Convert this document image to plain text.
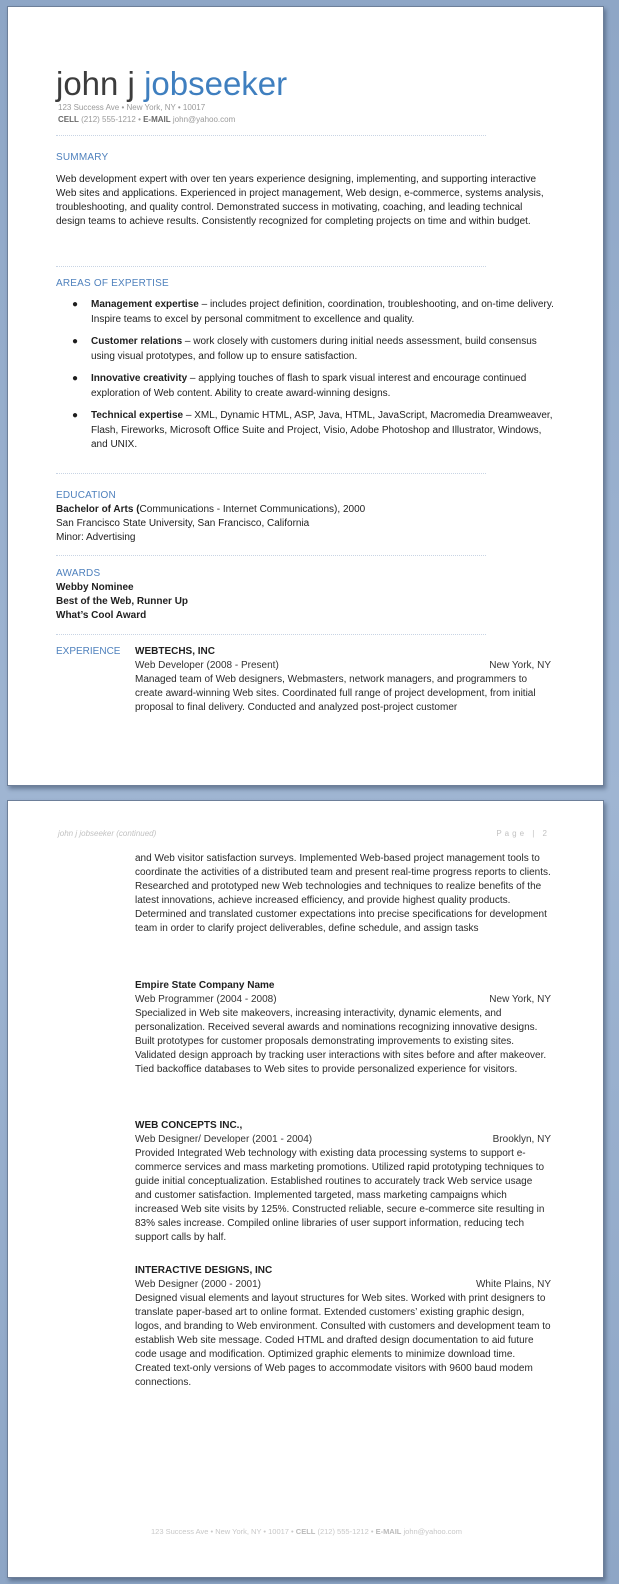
john j jobseeker
123 Success Ave • New York, NY • 10017
CELL (212) 555-1212 • E-MAIL john@yahoo.com
SUMMARY
Web development expert with over ten years experience designing, implementing, and supporting interactive Web sites and applications. Experienced in project management, Web design, e-commerce, systems analysis, troubleshooting, and quality control. Demonstrated success in motivating, coaching, and leading technical design teams to achieve results. Consistently recognized for completing projects on time and within budget.
AREAS OF EXPERTISE
● Management expertise – includes project definition, coordination, troubleshooting, and on-time delivery. Inspire teams to excel by personal commitment to excellence and quality.
● Customer relations – work closely with customers during initial needs assessment, build consensus using visual prototypes, and follow up to ensure satisfaction.
● Innovative creativity – applying touches of flash to spark visual interest and encourage continued exploration of Web content. Ability to create award-winning designs.
● Technical expertise – XML, Dynamic HTML, ASP, Java, HTML, JavaScript, Macromedia Dreamweaver, Flash, Fireworks, Microsoft Office Suite and Project, Visio, Adobe Photoshop and Illustrator, Windows, and UNIX.
EDUCATION
Bachelor of Arts (Communications - Internet Communications), 2000
San Francisco State University, San Francisco, California
Minor: Advertising
AWARDS
Webby Nominee
Best of the Web, Runner Up
What’s Cool Award
EXPERIENCE WEBTECHS, INC
Web Developer (2008 - Present)	New York, NY
Managed team of Web designers, Webmasters, network managers, and programmers to create award-winning Web sites. Coordinated full range of project development, from initial proposal to final delivery. Conducted and analyzed post-project customer
john j jobseeker (continued)	Page | 2
and Web visitor satisfaction surveys. Implemented Web-based project management tools to coordinate the activities of a distributed team and present real-time progress reports to clients. Researched and prototyped new Web technologies and techniques to realize benefits of the latest innovations, achieve increased efficiency, and provide highest quality products. Determined and translated customer expectations into precise specifications for development team in order to clarify project deliverables, define schedule, and assign tasks
Empire State Company Name
Web Programmer (2004 - 2008)	New York, NY
Specialized in Web site makeovers, increasing interactivity, dynamic elements, and personalization. Received several awards and nominations recognizing innovative designs. Built prototypes for customer proposals demonstrating improvements to existing sites. Validated design approach by tracking user interactions with sites before and after makeover. Tied backoffice databases to Web sites to provide personalized experience for visitors.
WEB CONCEPTS INC.,
Web Designer/ Developer (2001 - 2004)	Brooklyn, NY
Provided Integrated Web technology with existing data processing systems to support e-commerce services and mass marketing promotions. Utilized rapid prototyping techniques to guide initial conceptualization. Established routines to accurately track Web service usage and customer satisfaction. Implemented targeted, mass marketing campaigns which increased Web site visits by 125%. Constructed reliable, secure e-commerce site resulting in 83% sales increase. Compiled online libraries of user support information, reducing tech support calls by half.
INTERACTIVE DESIGNS, INC
Web Designer (2000 - 2001)	White Plains, NY
Designed visual elements and layout structures for Web sites. Worked with print designers to translate paper-based art to online format. Extended customers’ existing graphic design, logos, and branding to Web environment. Consulted with customers and development team to establish Web site message. Coded HTML and drafted design documentation to aid future code usage and modification. Optimized graphic elements to minimize download time. Created text-only versions of Web pages to accommodate visitors with 9600 baud modem connections.
123 Success Ave • New York, NY • 10017 • CELL (212) 555-1212 • E-MAIL john@yahoo.com
